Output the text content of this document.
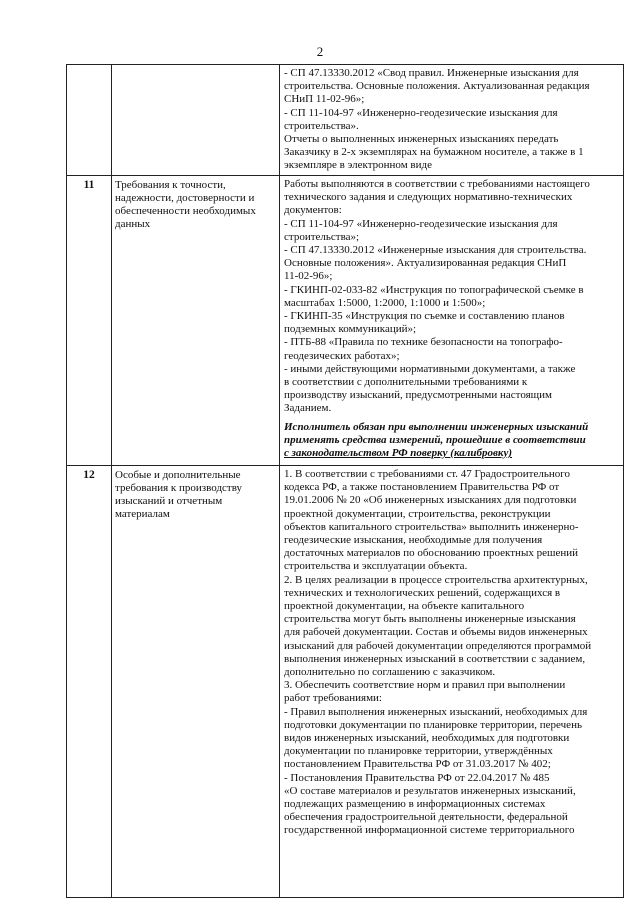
2
- СП 47.13330.2012 «Свод правил. Инженерные изыскания для
строительства. Основные положения. Актуализованная редакция
СНиП 11-02-96»;
- СП 11-104-97 «Инженерно-геодезические изыскания для
строительства».
Отчеты о выполненных инженерных изысканиях передать
Заказчику в 2-х экземплярах на бумажном носителе, а также в 1
экземпляре в электронном виде
11	Требования к точности,
надежности, достоверности и
обеспеченности необходимых
данных
Работы выполняются в соответствии с требованиями настоящего
технического задания и следующих нормативно-технических
документов:
- СП 11-104-97 «Инженерно-геодезические изыскания для
строительства»;
- СП 47.13330.2012 «Инженерные изыскания для строительства.
Основные положения». Актуализированная редакция СНиП
11-02-96»;
- ГКИНП-02-033-82 «Инструкция по топографической съемке в
масштабах 1:5000, 1:2000, 1:1000 и 1:500»;
- ГКИНП-35 «Инструкция по съемке и составлению планов
подземных коммуникаций»;
- ПТБ-88 «Правила по технике безопасности на топографо-
геодезических работах»;
- иными действующими нормативными документами, а также
в соответствии с дополнительными требованиями к
производству изысканий, предусмотренными настоящим
Заданием.
Исполнитель обязан при выполнении инженерных изысканий
применять средства измерений, прошедшие в соответствии
с законодательством РФ поверку (калибровку)
12	Особые и дополнительные
требования к производству
изысканий и отчетным
материалам
1. В соответствии с требованиями ст. 47 Градостроительного
кодекса РФ, а также постановлением Правительства РФ от
19.01.2006 № 20 «Об инженерных изысканиях для подготовки
проектной документации, строительства, реконструкции
объектов капитального строительства» выполнить инженерно-
геодезические изыскания, необходимые для получения
достаточных материалов по обоснованию проектных решений
строительства и эксплуатации объекта.
2. В целях реализации в процессе строительства архитектурных,
технических и технологических решений, содержащихся в
проектной документации, на объекте капитального
строительства могут быть выполнены инженерные изыскания
для рабочей документации. Состав и объемы видов инженерных
изысканий для рабочей документации определяются программой
выполнения инженерных изысканий в соответствии с заданием,
дополнительно по соглашению с заказчиком.
3. Обеспечить соответствие норм и правил при выполнении
работ требованиями:
- Правил выполнения инженерных изысканий, необходимых для
подготовки документации по планировке территории, перечень
видов инженерных изысканий, необходимых для подготовки
документации по планировке территории, утверждённых
постановлением Правительства РФ от 31.03.2017 № 402;
- Постановления Правительства РФ от 22.04.2017 № 485
«О составе материалов и результатов инженерных изысканий,
подлежащих размещению в информационных системах
обеспечения градостроительной деятельности, федеральной
государственной информационной системе территориального
